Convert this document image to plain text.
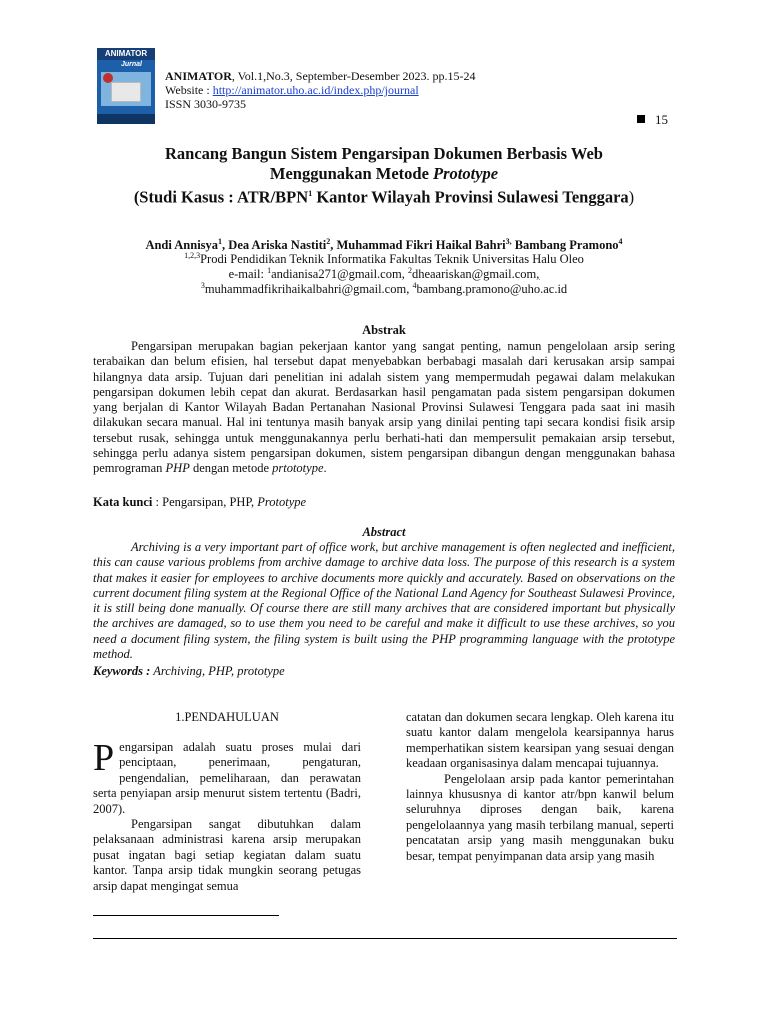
ANIMATOR
Jurnal
ANIMATOR, Vol.1,No.3, September-Desember 2023. pp.15-24
Website : http://animator.uho.ac.id/index.php/journal
ISSN 3030-9735
15
Rancang Bangun Sistem Pengarsipan Dokumen Berbasis Web
Menggunakan Metode Prototype
(Studi Kasus : ATR/BPN$^1$ Kantor Wilayah Provinsi Sulawesi Tenggara)
Andi Annisya$^1$, Dea Ariska Nastiti$^2$, Muhammad Fikri Haikal Bahri$^{3,}$ Bambang Pramono$^4$
$^{1,2,3}$Prodi Pendidikan Teknik Informatika Fakultas Teknik Universitas Halu Oleo
e-mail: $^1$andianisa271@gmail.com, $^2$dheaariskan@gmail.com,
$^3$muhammadfikrihaikalbahri@gmail.com, $^4$bambang.pramono@uho.ac.id
Abstrak
Pengarsipan merupakan bagian pekerjaan kantor yang sangat penting, namun pengelolaan arsip sering terabaikan dan belum efisien, hal tersebut dapat menyebabkan berbabagi masalah dari kerusakan arsip sampai hilangnya data arsip. Tujuan dari penelitian ini adalah sistem yang mempermudah pegawai dalam melakukan pengarsipan dokumen lebih cepat dan akurat. Berdasarkan hasil pengamatan pada sistem pengarsipan dokumen yang berjalan di Kantor Wilayah Badan Pertanahan Nasional Provinsi Sulawesi Tenggara pada saat ini masih dilakukan secara manual. Hal ini tentunya masih banyak arsip yang dinilai penting tapi secara kondisi fisik arsip tersebut rusak, sehingga untuk menggunakannya perlu berhati-hati dan mempersulit pemakaian arsip tersebut, sehingga perlu adanya sistem pengarsipan dokumen, sistem pengarsipan dibangun dengan menggunakan bahasa pemrograman PHP dengan metode prtototype.
Kata kunci : Pengarsipan, PHP, Prototype
Abstract
Archiving is a very important part of office work, but archive management is often neglected and inefficient, this can cause various problems from archive damage to archive data loss. The purpose of this research is a system that makes it easier for employees to archive documents more quickly and accurately. Based on observations on the current document filing system at the Regional Office of the National Land Agency for Southeast Sulawesi Province, it is still being done manually. Of course there are still many archives that are considered important but physically the archives are damaged, so to use them you need to be careful and make it difficult to use these archives, so you need a document filing system, the filing system is built using the PHP programming language with the prototype method.
Keywords : Archiving, PHP, prototype
1.PENDAHULUAN
Pengarsipan adalah suatu proses mulai dari penciptaan, penerimaan, pengaturan, pengendalian, pemeliharaan, dan perawatan serta penyiapan arsip menurut sistem tertentu (Badri, 2007).
Pengarsipan sangat dibutuhkan dalam pelaksanaan administrasi karena arsip merupakan pusat ingatan bagi setiap kegiatan dalam suatu kantor. Tanpa arsip tidak mungkin seorang petugas arsip dapat mengingat semua
catatan dan dokumen secara lengkap. Oleh karena itu suatu kantor dalam mengelola kearsipannya harus memperhatikan sistem kearsipan yang sesuai dengan keadaan organisasinya dalam mencapai tujuannya.
Pengelolaan arsip pada kantor pemerintahan lainnya khususnya di kantor atr/bpn kanwil belum seluruhnya diproses dengan baik, karena pengelolaannya yang masih terbilang manual, seperti pencatatan arsip yang masih menggunakan buku besar, tempat penyimpanan data arsip yang masih
